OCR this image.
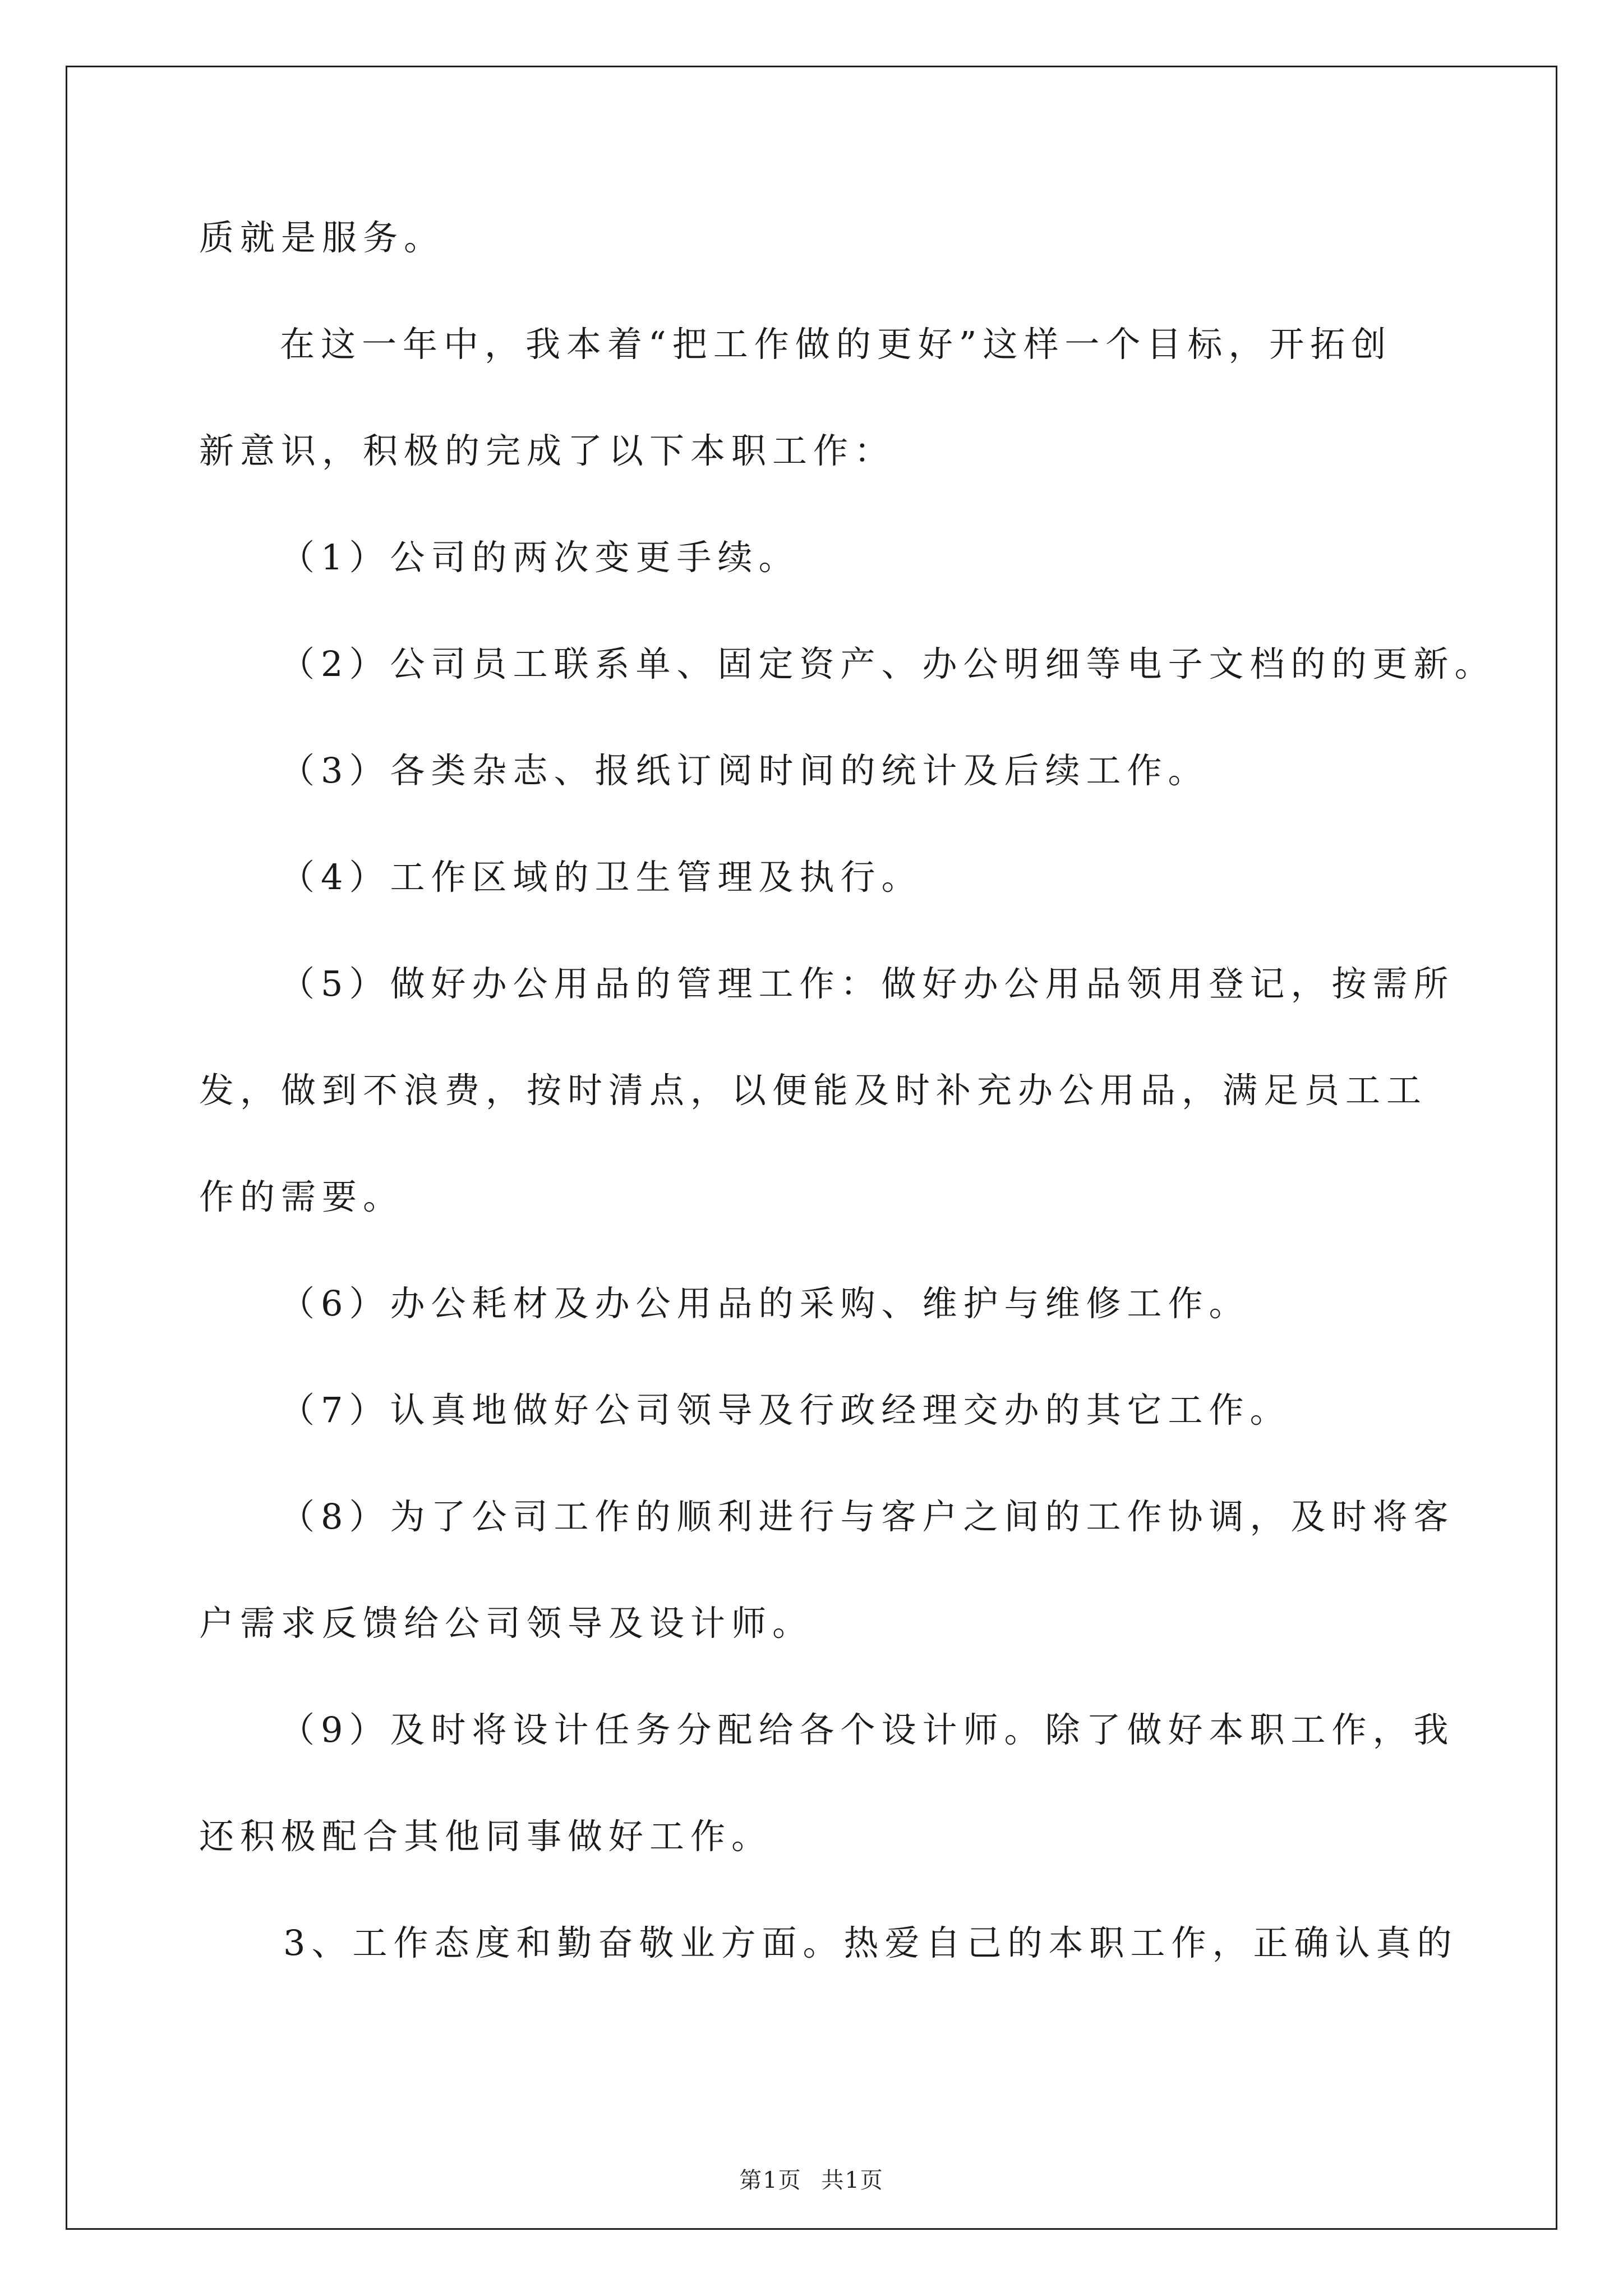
质就是服务。
在这一年中，我本着“把工作做的更好”这样一个目标，开拓创
新意识，积极的完成了以下本职工作：
（1）公司的两次变更手续。
（2）公司员工联系单、固定资产、办公明细等电子文档的的更新。
（3）各类杂志、报纸订阅时间的统计及后续工作。
（4）工作区域的卫生管理及执行。
（5）做好办公用品的管理工作：做好办公用品领用登记，按需所
发，做到不浪费，按时清点，以便能及时补充办公用品，满足员工工
作的需要。
（6）办公耗材及办公用品的采购、维护与维修工作。
（7）认真地做好公司领导及行政经理交办的其它工作。
（8）为了公司工作的顺利进行与客户之间的工作协调，及时将客
户需求反馈给公司领导及设计师。
（9）及时将设计任务分配给各个设计师。除了做好本职工作，我
还积极配合其他同事做好工作。
3、工作态度和勤奋敬业方面。热爱自己的本职工作，正确认真的
第1页 共1页
